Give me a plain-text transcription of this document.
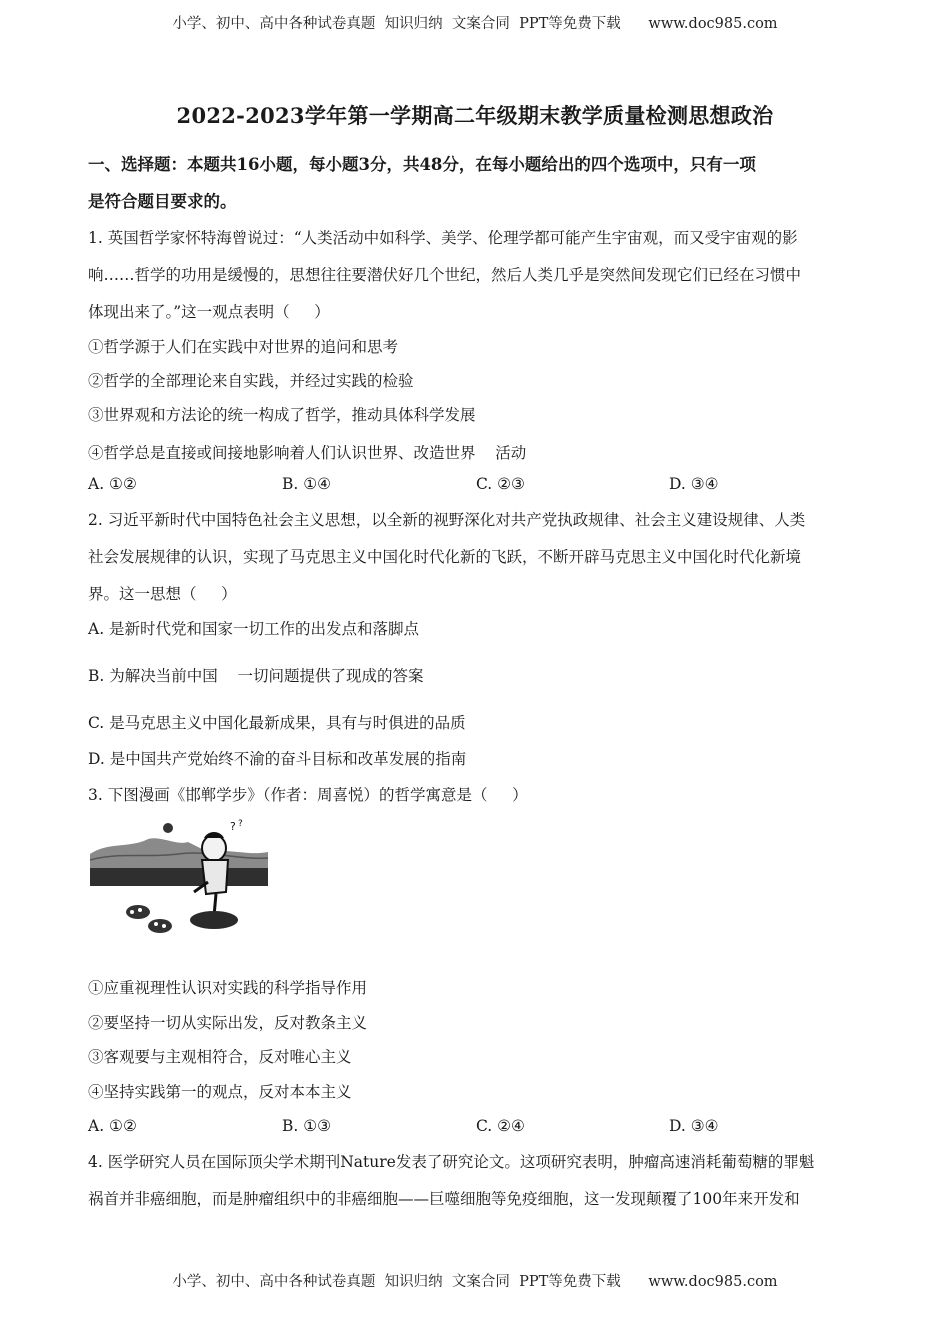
小学、初中、高中各种试卷真题  知识归纳  文案合同  PPT等免费下载      www.doc985.com
2022-2023学年第一学期高二年级期末教学质量检测思想政治
一、选择题：本题共16小题，每小题3分，共48分，在每小题给出的四个选项中，只有一项
是符合题目要求的。
1. 英国哲学家怀特海曾说过：“人类活动中如科学、美学、伦理学都可能产生宇宙观，而又受宇宙观的影
响……哲学的功用是缓慢的，思想往往要潜伏好几个世纪，然后人类几乎是突然间发现它们已经在习惯中
体现出来了。”这一观点表明（     ）
①哲学源于人们在实践中对世界的追问和思考
②哲学的全部理论来自实践，并经过实践的检验
③世界观和方法论的统一构成了哲学，推动具体科学发展
④哲学总是直接或间接地影响着人们认识世界、改造世界    活动
A. ①②	B. ①④	C. ②③	D. ③④
2. 习近平新时代中国特色社会主义思想，以全新的视野深化对共产党执政规律、社会主义建设规律、人类
社会发展规律的认识，实现了马克思主义中国化时代化新的飞跃，不断开辟马克思主义中国化时代化新境
界。这一思想（     ）
A. 是新时代党和国家一切工作的出发点和落脚点
B. 为解决当前中国    一切问题提供了现成的答案
C. 是马克思主义中国化最新成果，具有与时俱进的品质
D. 是中国共产党始终不渝的奋斗目标和改革发展的指南
3. 下图漫画《邯郸学步》（作者：周喜悦）的哲学寓意是（     ）
? ?
①应重视理性认识对实践的科学指导作用
②要坚持一切从实际出发，反对教条主义
③客观要与主观相符合，反对唯心主义
④坚持实践第一的观点，反对本本主义
A. ①②	B. ①③	C. ②④	D. ③④
4. 医学研究人员在国际顶尖学术期刊Nature发表了研究论文。这项研究表明，肿瘤高速消耗葡萄糖的罪魁
祸首并非癌细胞，而是肿瘤组织中的非癌细胞——巨噬细胞等免疫细胞，这一发现颠覆了100年来开发和
小学、初中、高中各种试卷真题  知识归纳  文案合同  PPT等免费下载      www.doc985.com
